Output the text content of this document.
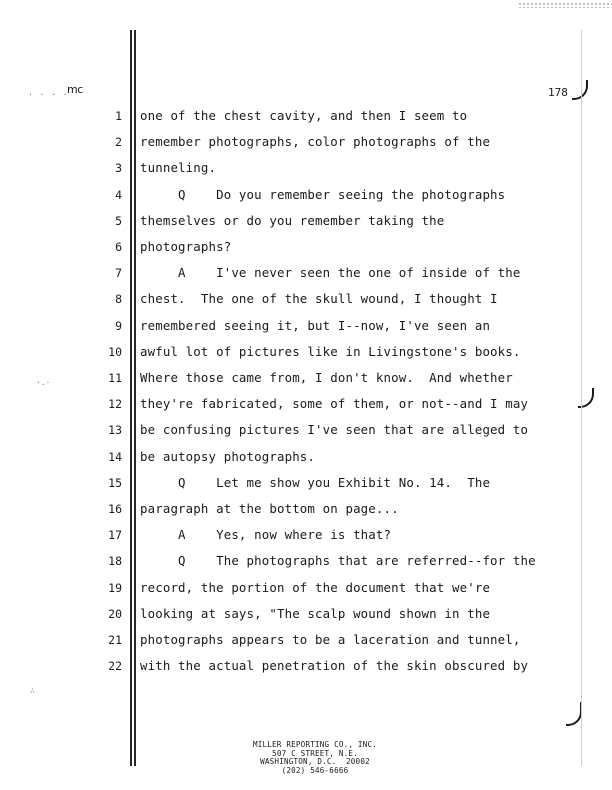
· · · ·
mc	178
·.·
∴
1 one of the chest cavity, and then I seem to
2 remember photographs, color photographs of the
3 tunneling.
4 Q    Do you remember seeing the photographs
5 themselves or do you remember taking the
6 photographs?
7 A    I've never seen the one of inside of the
8 chest.  The one of the skull wound, I thought I
9 remembered seeing it, but I--now, I've seen an
10 awful lot of pictures like in Livingstone's books.
11 Where those came from, I don't know.  And whether
12 they're fabricated, some of them, or not--and I may
13 be confusing pictures I've seen that are alleged to
14 be autopsy photographs.
15 Q    Let me show you Exhibit No. 14.  The
16 paragraph at the bottom on page...
17 A    Yes, now where is that?
18 Q    The photographs that are referred--for the
19 record, the portion of the document that we're
20 looking at says, "The scalp wound shown in the
21 photographs appears to be a laceration and tunnel,
22 with the actual penetration of the skin obscured by
MILLER REPORTING CO., INC.
507 C STREET, N.E.
WASHINGTON, D.C.  20002
(202) 546-6666
